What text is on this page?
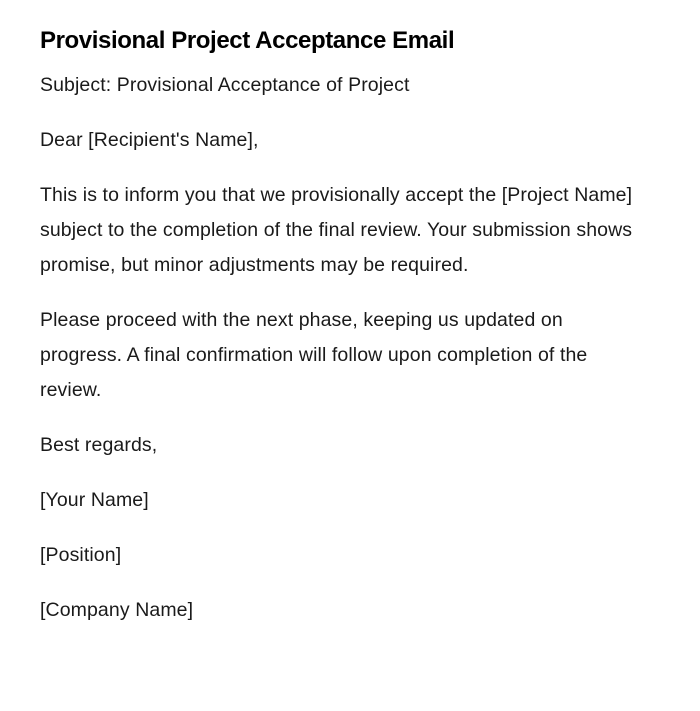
Provisional Project Acceptance Email

Subject: Provisional Acceptance of Project

Dear [Recipient's Name],

This is to inform you that we provisionally accept the [Project Name] subject to the completion of the final review. Your submission shows promise, but minor adjustments may be required.

Please proceed with the next phase, keeping us updated on progress. A final confirmation will follow upon completion of the review.

Best regards,

[Your Name]

[Position]

[Company Name]
